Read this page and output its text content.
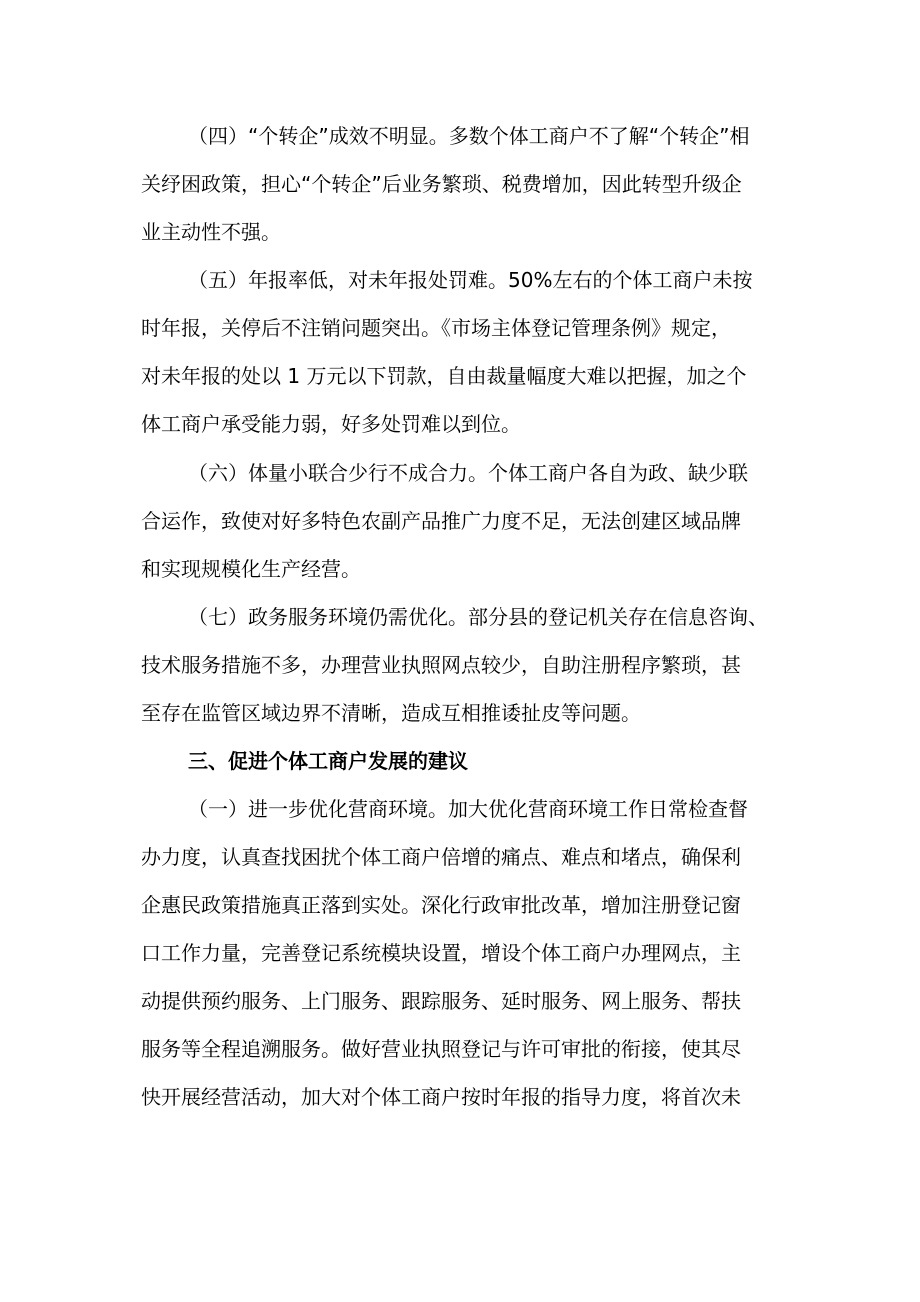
（四）“个转企”成效不明显。多数个体工商户不了解“个转企”相
关纾困政策，担心“个转企”后业务繁琐、税费增加，因此转型升级企
业主动性不强。
（五）年报率低，对未年报处罚难。50%左右的个体工商户未按
时年报，关停后不注销问题突出。《市场主体登记管理条例》规定，
对未年报的处以 1 万元以下罚款，自由裁量幅度大难以把握，加之个
体工商户承受能力弱，好多处罚难以到位。
（六）体量小联合少行不成合力。个体工商户各自为政、缺少联
合运作，致使对好多特色农副产品推广力度不足，无法创建区域品牌
和实现规模化生产经营。
（七）政务服务环境仍需优化。部分县的登记机关存在信息咨询、
技术服务措施不多，办理营业执照网点较少，自助注册程序繁琐，甚
至存在监管区域边界不清晰，造成互相推诿扯皮等问题。
三、促进个体工商户发展的建议
（一）进一步优化营商环境。加大优化营商环境工作日常检查督
办力度，认真查找困扰个体工商户倍增的痛点、难点和堵点，确保利
企惠民政策措施真正落到实处。深化行政审批改革，增加注册登记窗
口工作力量，完善登记系统模块设置，增设个体工商户办理网点，主
动提供预约服务、上门服务、跟踪服务、延时服务、网上服务、帮扶
服务等全程追溯服务。做好营业执照登记与许可审批的衔接，使其尽
快开展经营活动，加大对个体工商户按时年报的指导力度，将首次未
